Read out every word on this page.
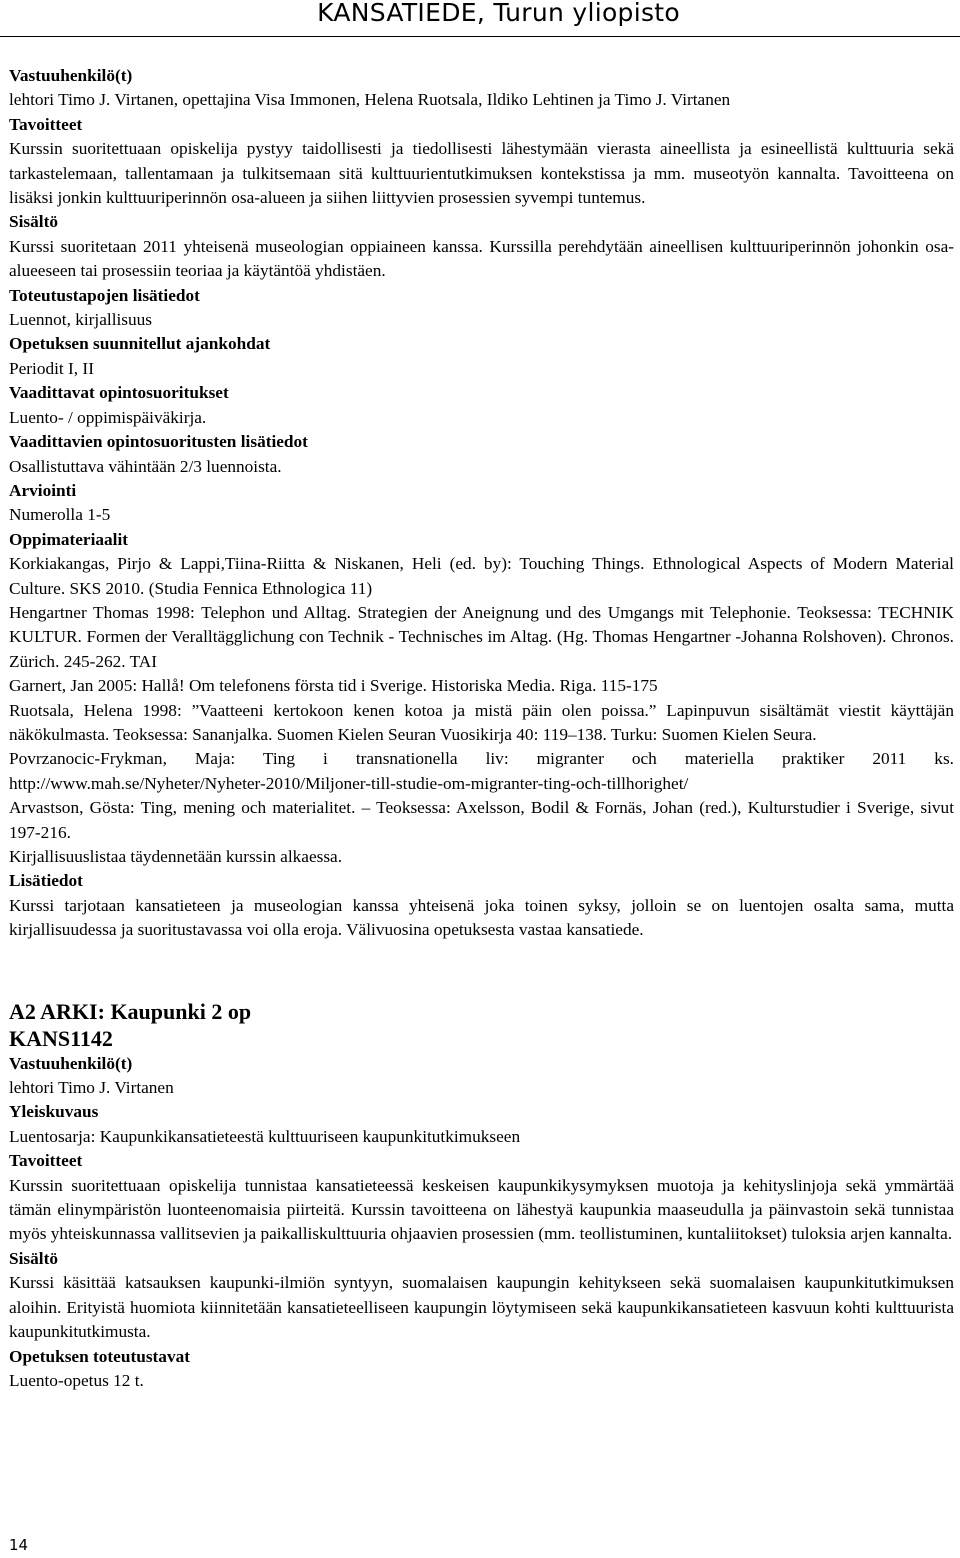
KANSATIEDE, Turun yliopisto

Vastuuhenkilö(t)

lehtori Timo J. Virtanen, opettajina Visa Immonen, Helena Ruotsala, Ildiko Lehtinen ja Timo J. Virtanen

Tavoitteet

Kurssin suoritettuaan opiskelija pystyy taidollisesti ja tiedollisesti lähestymään vierasta aineellista ja esineellistä kulttuuria sekä tarkastelemaan, tallentamaan ja tulkitsemaan sitä kulttuurientutkimuksen kontekstissa ja mm. museotyön kannalta. Tavoitteena on lisäksi jonkin kulttuuriperinnön osa-alueen ja siihen liittyvien prosessien syvempi tuntemus.

Sisältö

Kurssi suoritetaan 2011 yhteisenä museologian oppiaineen kanssa. Kurssilla perehdytään aineellisen kulttuuriperinnön johonkin osa-alueeseen tai prosessiin teoriaa ja käytäntöä yhdistäen.

Toteutustapojen lisätiedot

Luennot, kirjallisuus

Opetuksen suunnitellut ajankohdat

Periodit I, II

Vaadittavat opintosuoritukset

Luento- / oppimispäiväkirja.

Vaadittavien opintosuoritusten lisätiedot

Osallistuttava vähintään 2/3 luennoista.

Arviointi

Numerolla 1-5

Oppimateriaalit

Korkiakangas, Pirjo & Lappi,Tiina-Riitta & Niskanen, Heli (ed. by): Touching Things. Ethnological Aspects of Modern Material Culture. SKS 2010. (Studia Fennica Ethnologica 11)

Hengartner Thomas 1998: Telephon und Alltag. Strategien der Aneignung und des Umgangs mit Telephonie. Teoksessa: TECHNIK KULTUR. Formen der Veralltägglichung con Technik - Technisches im Altag. (Hg. Thomas Hengartner -Johanna Rolshoven). Chronos. Zürich. 245-262. TAI

Garnert, Jan 2005: Hallå! Om telefonens första tid i Sverige. Historiska Media. Riga. 115-175

Ruotsala, Helena 1998: ”Vaatteeni kertokoon kenen kotoa ja mistä päin olen poissa.” Lapinpuvun sisältämät viestit käyttäjän näkökulmasta. Teoksessa: Sananjalka. Suomen Kielen Seuran Vuosikirja 40: 119–138. Turku: Suomen Kielen Seura.

Povrzanocic-Frykman, Maja: Ting i transnationella liv: migranter och materiella praktiker 2011 ks. http://www.mah.se/Nyheter/Nyheter-2010/Miljoner-till-studie-om-migranter-ting-och-tillhorighet/

Arvastson, Gösta: Ting, mening och materialitet. – Teoksessa: Axelsson, Bodil & Fornäs, Johan (red.), Kulturstudier i Sverige, sivut 197-216.

Kirjallisuuslistaa täydennetään kurssin alkaessa.

Lisätiedot

Kurssi tarjotaan kansatieteen ja museologian kanssa yhteisenä joka toinen syksy, jolloin se on luentojen osalta sama, mutta kirjallisuudessa ja suoritustavassa voi olla eroja. Välivuosina opetuksesta vastaa kansatiede.

A2 ARKI: Kaupunki 2 op

KANS1142

Vastuuhenkilö(t)

lehtori Timo J. Virtanen

Yleiskuvaus

Luentosarja: Kaupunkikansatieteestä kulttuuriseen kaupunkitutkimukseen

Tavoitteet

Kurssin suoritettuaan opiskelija tunnistaa kansatieteessä keskeisen kaupunkikysymyksen muotoja ja kehityslinjoja sekä ymmärtää tämän elinympäristön luonteenomaisia piirteitä. Kurssin tavoitteena on lähestyä kaupunkia maaseudulla ja päinvastoin sekä tunnistaa myös yhteiskunnassa vallitsevien ja paikalliskulttuuria ohjaavien prosessien (mm. teollistuminen, kuntaliitokset) tuloksia arjen kannalta.

Sisältö

Kurssi käsittää katsauksen kaupunki-ilmiön syntyyn, suomalaisen kaupungin kehitykseen sekä suomalaisen kaupunkitutkimuksen aloihin. Erityistä huomiota kiinnitetään kansatieteelliseen kaupungin löytymiseen sekä kaupunkikansatieteen kasvuun kohti kulttuurista kaupunkitutkimusta.

Opetuksen toteutustavat

Luento-opetus 12 t.

14
